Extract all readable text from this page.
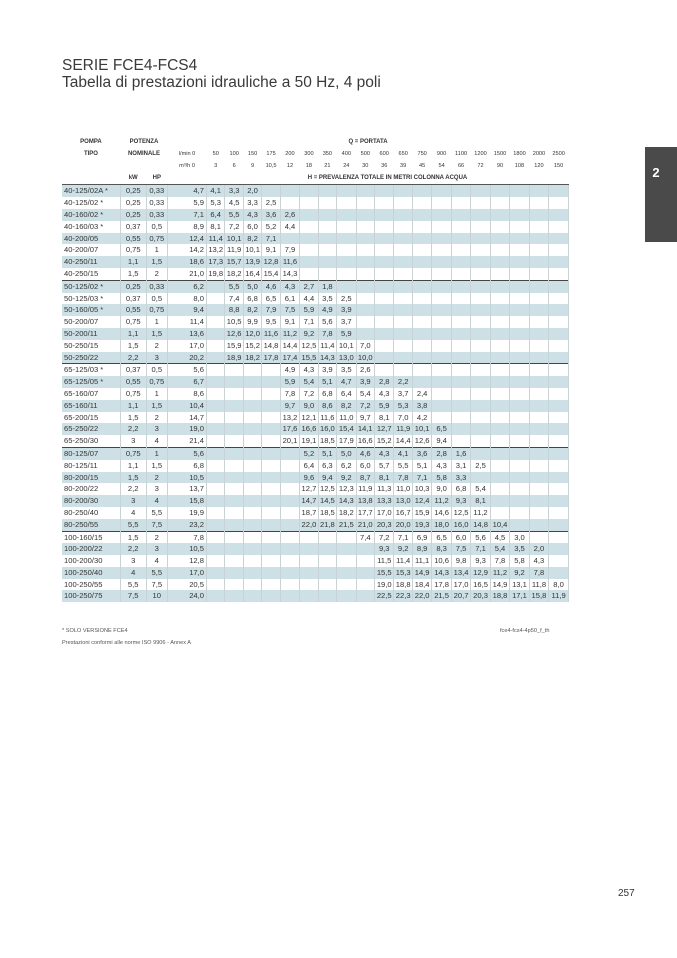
SERIE FCE4-FCS4
Tabella di prestazioni idrauliche a 50 Hz, 4 poli
2
POMPA	POTENZA		Q = PORTATA																			
TIPO	NOMINALE		l/min 0	50	100	150	175	200	300	350	400	500	600	650	750	900	1100	1200	1500	1800	2000	2500
			m³/h 0	3	6	9	10,5	12	18	21	24	30	36	39	45	54	66	72	90	108	120	150
	kW	HP		H = PREVALENZA TOTALE IN METRI COLONNA ACQUA																		
40-125/02A *	0,25	0,33	4,7	4,1	3,3	2,0																
40-125/02 *	0,25	0,33	5,9	5,3	4,5	3,3	2,5															
40-160/02 *	0,25	0,33	7,1	6,4	5,5	4,3	3,6	2,6														
40-160/03 *	0,37	0,5	8,9	8,1	7,2	6,0	5,2	4,4														
40-200/05	0,55	0,75	12,4	11,4	10,1	8,2	7,1															
40-200/07	0,75	1	14,2	13,2	11,9	10,1	9,1	7,9														
40-250/11	1,1	1,5	18,6	17,3	15,7	13,9	12,8	11,6														
40-250/15	1,5	2	21,0	19,8	18,2	16,4	15,4	14,3														
50-125/02 *	0,25	0,33	6,2		5,5	5,0	4,6	4,3	2,7	1,8												
50-125/03 *	0,37	0,5	8,0		7,4	6,8	6,5	6,1	4,4	3,5	2,5											
50-160/05 *	0,55	0,75	9,4		8,8	8,2	7,9	7,5	5,9	4,9	3,9											
50-200/07	0,75	1	11,4		10,5	9,9	9,5	9,1	7,1	5,6	3,7											
50-200/11	1,1	1,5	13,6		12,6	12,0	11,6	11,2	9,2	7,8	5,9											
50-250/15	1,5	2	17,0		15,9	15,2	14,8	14,4	12,5	11,4	10,1	7,0										
50-250/22	2,2	3	20,2		18,9	18,2	17,8	17,4	15,5	14,3	13,0	10,0										
65-125/03 *	0,37	0,5	5,6					4,9	4,3	3,9	3,5	2,6										
65-125/05 *	0,55	0,75	6,7					5,9	5,4	5,1	4,7	3,9	2,8	2,2								
65-160/07	0,75	1	8,6					7,8	7,2	6,8	6,4	5,4	4,3	3,7	2,4							
65-160/11	1,1	1,5	10,4					9,7	9,0	8,6	8,2	7,2	5,9	5,3	3,8							
65-200/15	1,5	2	14,7					13,2	12,1	11,6	11,0	9,7	8,1	7,0	4,2							
65-250/22	2,2	3	19,0					17,6	16,6	16,0	15,4	14,1	12,7	11,9	10,1	6,5						
65-250/30	3	4	21,4					20,1	19,1	18,5	17,9	16,6	15,2	14,4	12,6	9,4						
80-125/07	0,75	1	5,6						5,2	5,1	5,0	4,6	4,3	4,1	3,6	2,8	1,6					
80-125/11	1,1	1,5	6,8						6,4	6,3	6,2	6,0	5,7	5,5	5,1	4,3	3,1	2,5				
80-200/15	1,5	2	10,5						9,6	9,4	9,2	8,7	8,1	7,8	7,1	5,8	3,3					
80-200/22	2,2	3	13,7						12,7	12,5	12,3	11,9	11,3	11,0	10,3	9,0	6,8	5,4				
80-200/30	3	4	15,8						14,7	14,5	14,3	13,8	13,3	13,0	12,4	11,2	9,3	8,1				
80-250/40	4	5,5	19,9						18,7	18,5	18,2	17,7	17,0	16,7	15,9	14,6	12,5	11,2				
80-250/55	5,5	7,5	23,2						22,0	21,8	21,5	21,0	20,3	20,0	19,3	18,0	16,0	14,8	10,4			
100-160/15	1,5	2	7,8									7,4	7,2	7,1	6,9	6,5	6,0	5,6	4,5	3,0		
100-200/22	2,2	3	10,5										9,3	9,2	8,9	8,3	7,5	7,1	5,4	3,5	2,0	
100-200/30	3	4	12,8										11,5	11,4	11,1	10,6	9,8	9,3	7,8	5,8	4,3	
100-250/40	4	5,5	17,0										15,5	15,3	14,9	14,3	13,4	12,9	11,2	9,2	7,8	
100-250/55	5,5	7,5	20,5										19,0	18,8	18,4	17,8	17,0	16,5	14,9	13,1	11,8	8,0
100-250/75	7,5	10	24,0										22,5	22,3	22,0	21,5	20,7	20,3	18,8	17,1	15,8	11,9
* SOLO VERSIONE FCE4	fce4-fcs4-4p50_f_th
Prestazioni conformi alle norme ISO 9906 - Annex A
257
